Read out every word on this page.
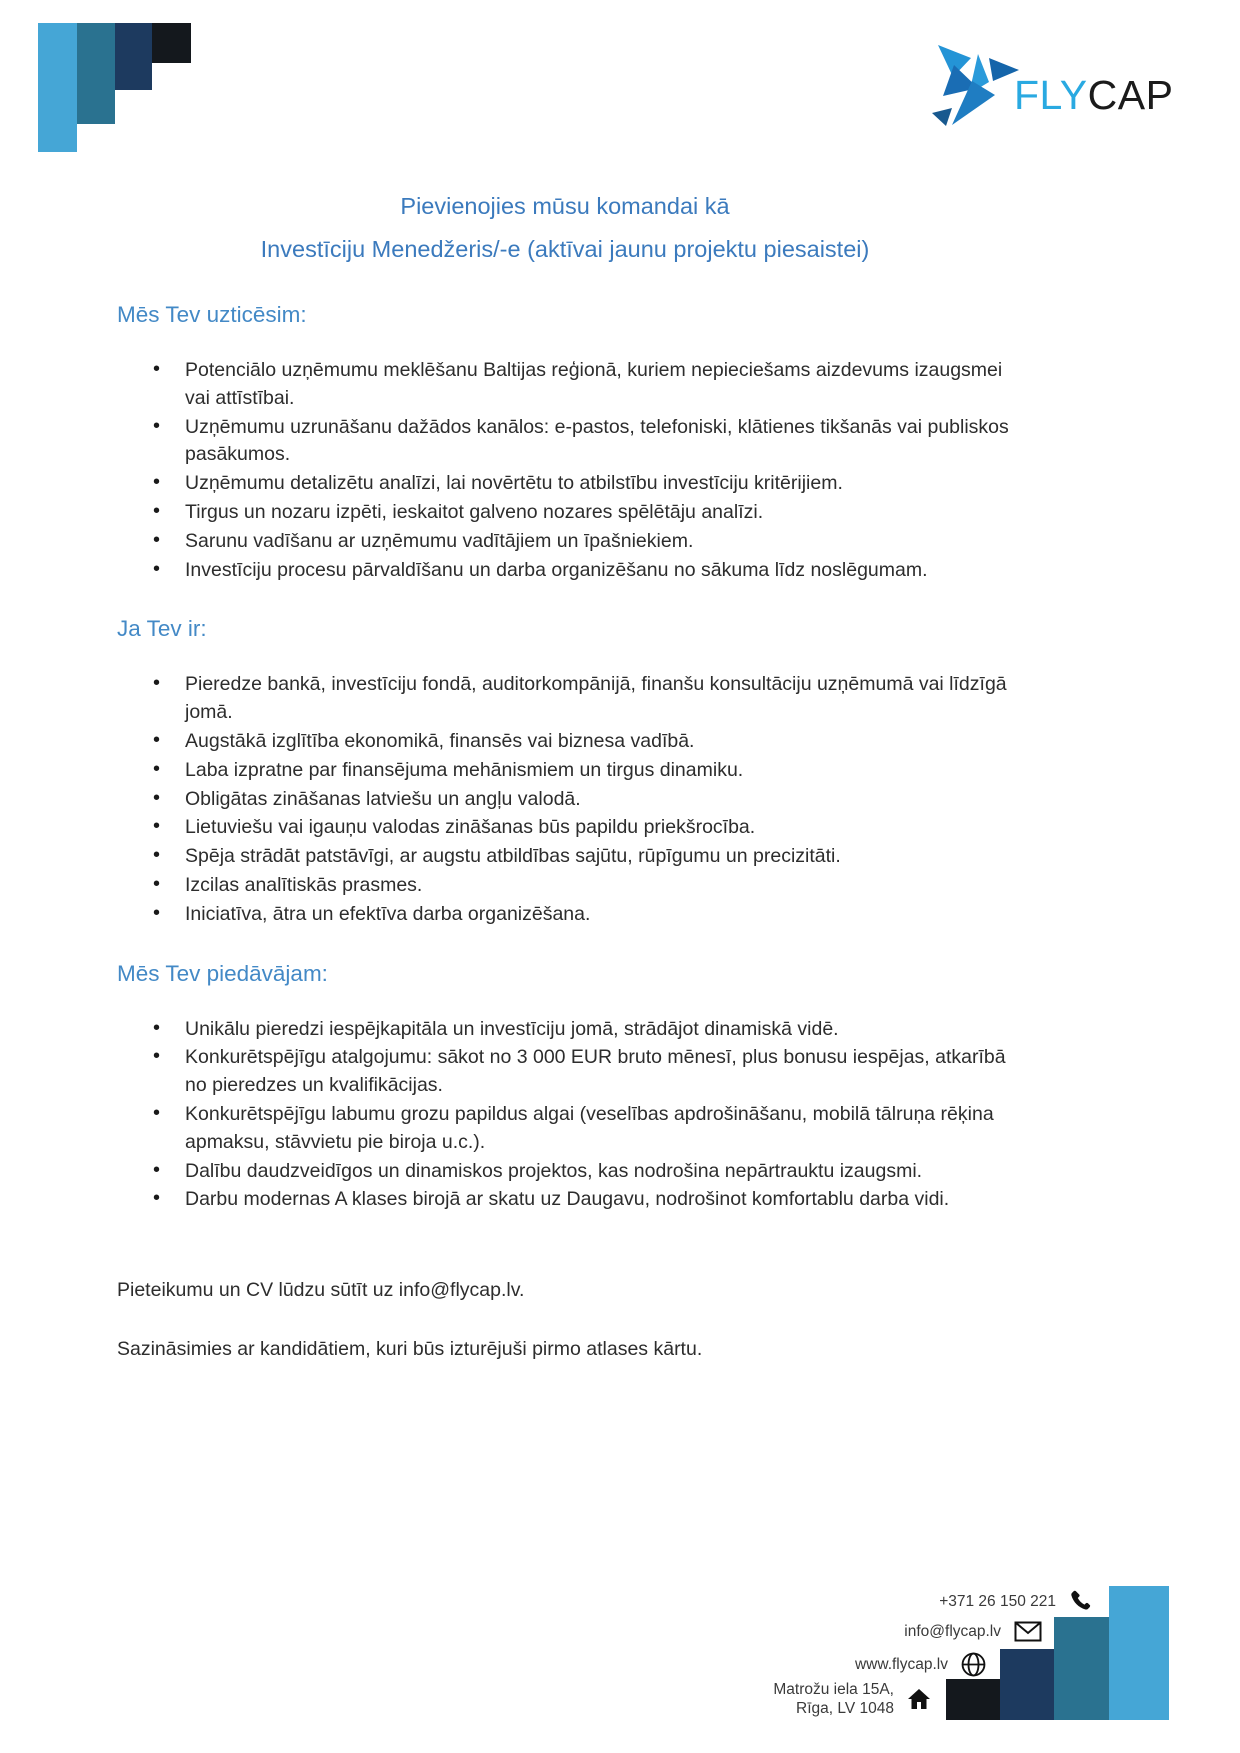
FLYCAP
Pievienojies mūsu komandai kā
Investīciju Menedžeris/-e (aktīvai jaunu projektu piesaistei)
Mēs Tev uzticēsim:
• Potenciālo uzņēmumu meklēšanu Baltijas reģionā, kuriem nepieciešams aizdevums izaugsmei vai attīstībai.
• Uzņēmumu uzrunāšanu dažādos kanālos: e-pastos, telefoniski, klātienes tikšanās vai publiskos pasākumos.
• Uzņēmumu detalizētu analīzi, lai novērtētu to atbilstību investīciju kritērijiem.
• Tirgus un nozaru izpēti, ieskaitot galveno nozares spēlētāju analīzi.
• Sarunu vadīšanu ar uzņēmumu vadītājiem un īpašniekiem.
• Investīciju procesu pārvaldīšanu un darba organizēšanu no sākuma līdz noslēgumam.
Ja Tev ir:
• Pieredze bankā, investīciju fondā, auditorkompānijā, finanšu konsultāciju uzņēmumā vai līdzīgā jomā.
• Augstākā izglītība ekonomikā, finansēs vai biznesa vadībā.
• Laba izpratne par finansējuma mehānismiem un tirgus dinamiku.
• Obligātas zināšanas latviešu un angļu valodā.
• Lietuviešu vai igauņu valodas zināšanas būs papildu priekšrocība.
• Spēja strādāt patstāvīgi, ar augstu atbildības sajūtu, rūpīgumu un precizitāti.
• Izcilas analītiskās prasmes.
• Iniciatīva, ātra un efektīva darba organizēšana.
Mēs Tev piedāvājam:
• Unikālu pieredzi iespējkapitāla un investīciju jomā, strādājot dinamiskā vidē.
• Konkurētspējīgu atalgojumu: sākot no 3 000 EUR bruto mēnesī, plus bonusu iespējas, atkarībā no pieredzes un kvalifikācijas.
• Konkurētspējīgu labumu grozu papildus algai (veselības apdrošināšanu, mobilā tālruņa rēķina apmaksu, stāvvietu pie biroja u.c.).
• Dalību daudzveidīgos un dinamiskos projektos, kas nodrošina nepārtrauktu izaugsmi.
• Darbu modernas A klases birojā ar skatu uz Daugavu, nodrošinot komfortablu darba vidi.

Pieteikumu un CV lūdzu sūtīt uz info@flycap.lv.

Sazināsimies ar kandidātiem, kuri būs izturējuši pirmo atlases kārtu.

+371 26 150 221
info@flycap.lv
www.flycap.lv
Matrožu iela 15A,
Rīga, LV 1048
